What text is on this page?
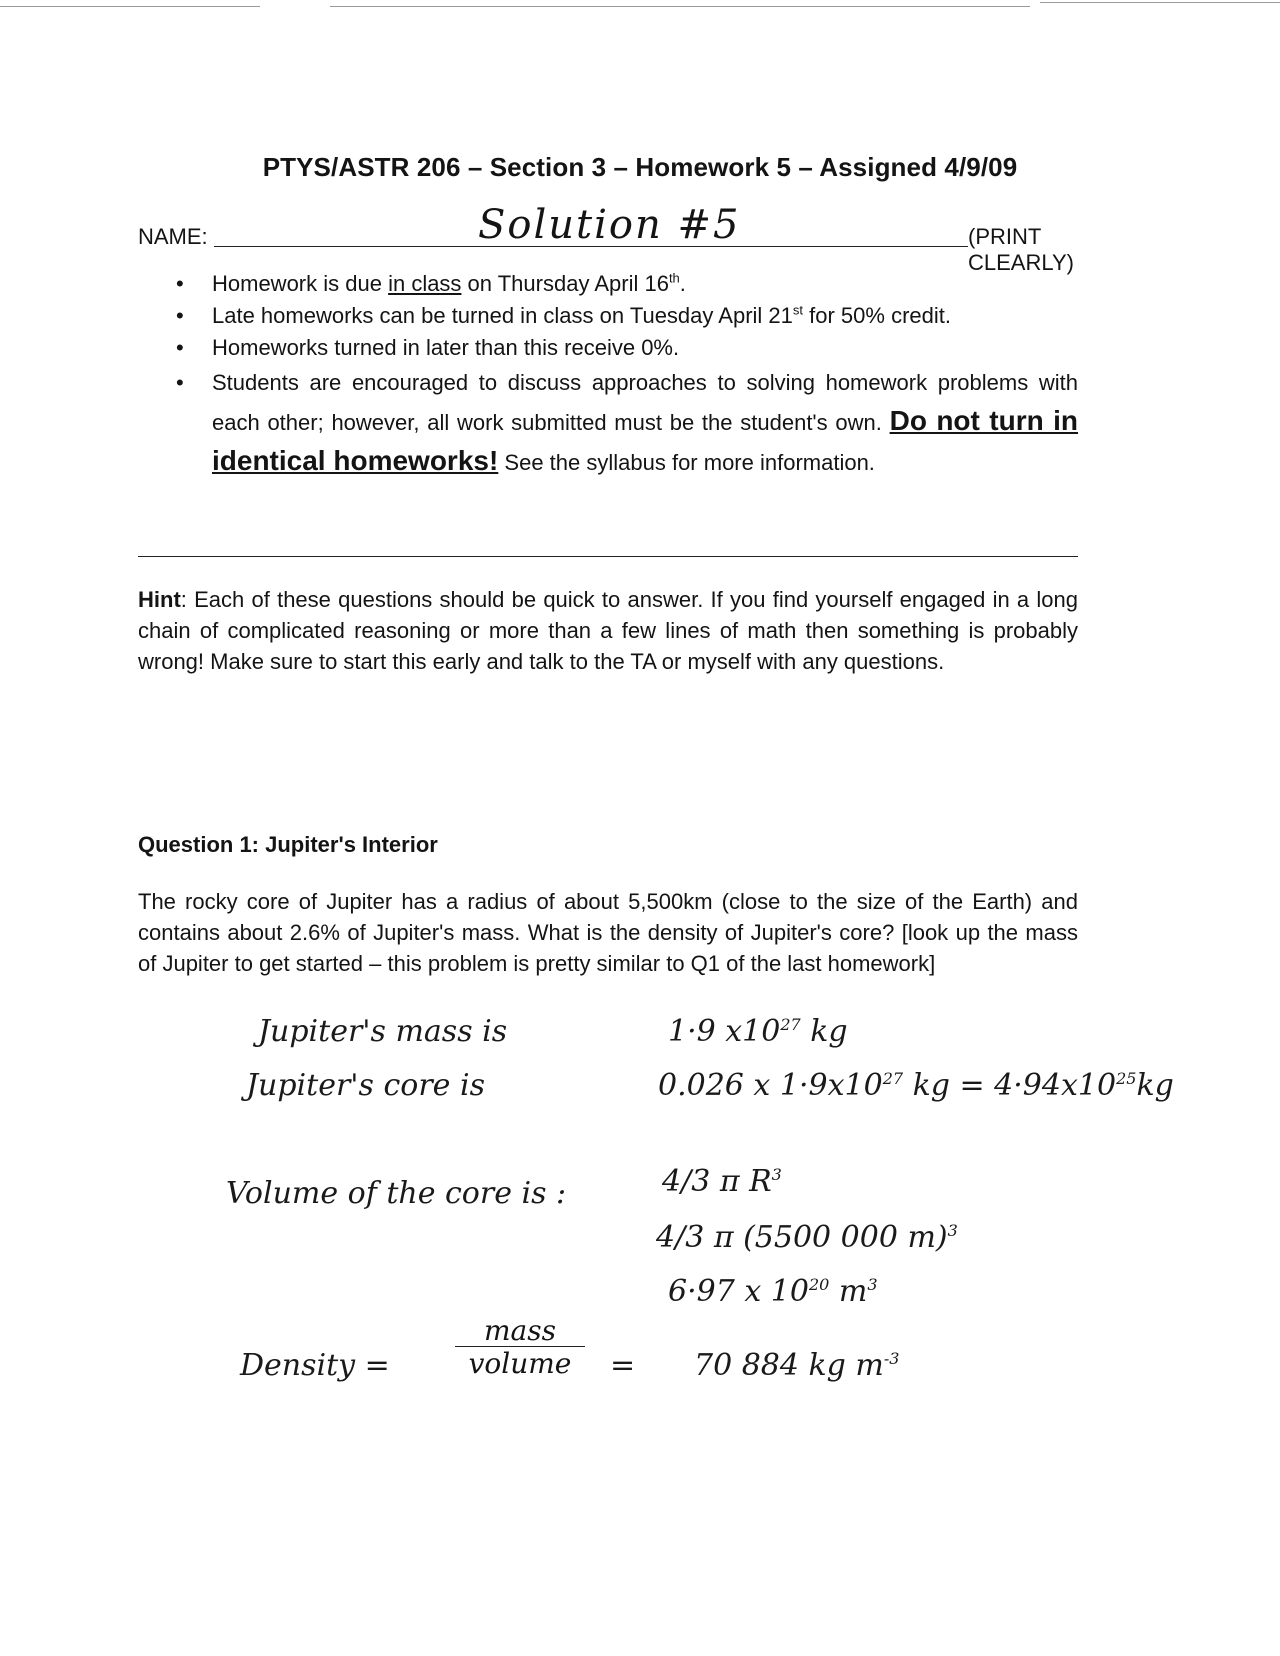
PTYS/ASTR 206 – Section 3 – Homework 5 – Assigned 4/9/09
NAME:	Solution #5	(PRINT CLEARLY)
• Homework is due in class on Thursday April 16th.
• Late homeworks can be turned in class on Tuesday April 21st for 50% credit.
• Homeworks turned in later than this receive 0%.
• Students are encouraged to discuss approaches to solving homework problems with each other; however, all work submitted must be the student's own. Do not turn in identical homeworks! See the syllabus for more information.

Hint: Each of these questions should be quick to answer. If you find yourself engaged in a long chain of complicated reasoning or more than a few lines of math then something is probably wrong! Make sure to start this early and talk to the TA or myself with any questions.

Question 1: Jupiter's Interior

The rocky core of Jupiter has a radius of about 5,500km (close to the size of the Earth) and contains about 2.6% of Jupiter's mass. What is the density of Jupiter's core? [look up the mass of Jupiter to get started – this problem is pretty similar to Q1 of the last homework]

Jupiter's mass is	1·9 $x10^{27}$ kg
Jupiter's core is	0.026 x $1\cdot 9x10^{27}$ kg = $4\cdot 94x10^{25}kg$
Volume of the core is :	4/3 π $R^3$
4/3 π (5500 000 m)$^3$
6·97 x $10^{20}$ $m^3$
Density =
mass
volume	= 70 884 kg $m^{-3}$
